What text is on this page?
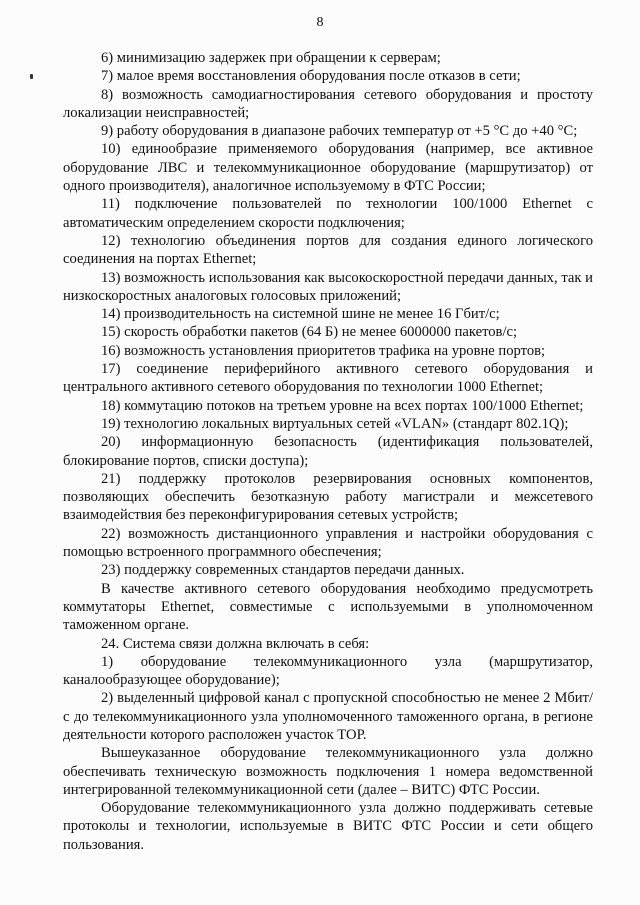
8

6) минимизацию задержек при обращении к серверам;

7) малое время восстановления оборудования после отказов в сети;

8) возможность самодиагностирования сетевого оборудования и простоту локализации неисправностей;

9) работу оборудования в диапазоне рабочих температур от +5 °С до +40 °С;

10) единообразие применяемого оборудования (например, все активное оборудование ЛВС и телекоммуникационное оборудование (маршрутизатор) от одного производителя), аналогичное используемому в ФТС России;

11) подключение пользователей по технологии 100/1000 Ethernet с автоматическим определением скорости подключения;

12) технологию объединения портов для создания единого логического соединения на портах Ethernet;

13) возможность использования как высокоскоростной передачи данных, так и низкоскоростных аналоговых голосовых приложений;

14) производительность на системной шине не менее 16 Гбит/с;

15) скорость обработки пакетов (64 Б) не менее 6000000 пакетов/с;

16) возможность установления приоритетов трафика на уровне портов;

17) соединение периферийного активного сетевого оборудования и центрального активного сетевого оборудования по технологии 1000 Ethernet;

18) коммутацию потоков на третьем уровне на всех портах 100/1000 Ethernet;

19) технологию локальных виртуальных сетей «VLAN» (стандарт 802.1Q);

20) информационную безопасность (идентификация пользователей, блокирование портов, списки доступа);

21) поддержку протоколов резервирования основных компонентов, позволяющих обеспечить безотказную работу магистрали и межсетевого взаимодействия без переконфигурирования сетевых устройств;

22) возможность дистанционного управления и настройки оборудования с помощью встроенного программного обеспечения;

23) поддержку современных стандартов передачи данных.

В качестве активного сетевого оборудования необходимо предусмотреть коммутаторы Ethernet, совместимые с используемыми в уполномоченном таможенном органе.

24. Система связи должна включать в себя:

1) оборудование телекоммуникационного узла (маршрутизатор, каналообразующее оборудование);

2) выделенный цифровой канал с пропускной способностью не менее 2 Мбит/с до телекоммуникационного узла уполномоченного таможенного органа, в регионе деятельности которого расположен участок ТОР.

Вышеуказанное оборудование телекоммуникационного узла должно обеспечивать техническую возможность подключения 1 номера ведомственной интегрированной телекоммуникационной сети (далее – ВИТС) ФТС России.

Оборудование телекоммуникационного узла должно поддерживать сетевые протоколы и технологии, используемые в ВИТС ФТС России и сети общего пользования.
